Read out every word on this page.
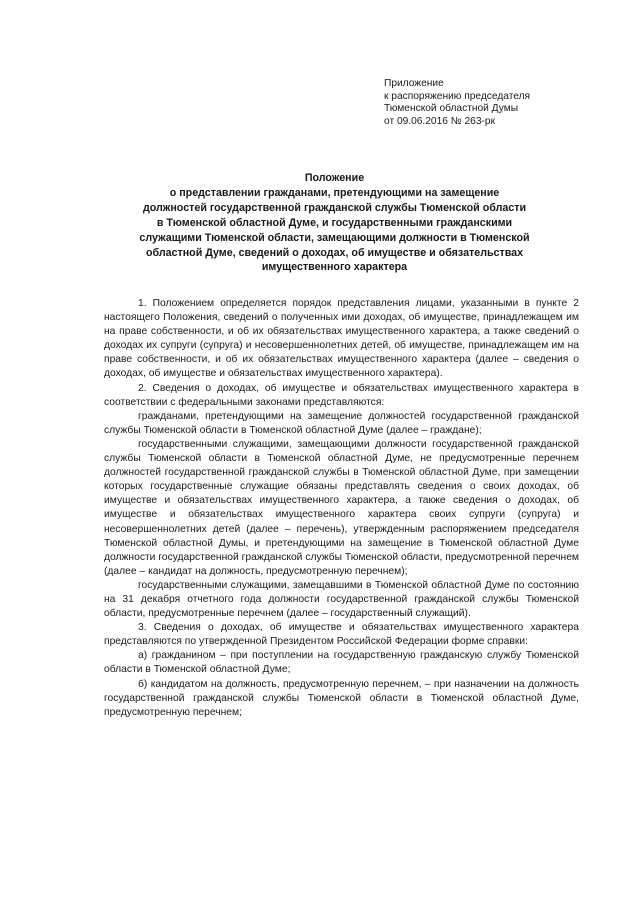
Приложение
к распоряжению председателя
Тюменской областной Думы
от 09.06.2016 № 263-рк
Положение
о представлении гражданами, претендующими на замещение
должностей государственной гражданской службы Тюменской области
в Тюменской областной Думе, и государственными гражданскими
служащими Тюменской области, замещающими должности в Тюменской
областной Думе, сведений о доходах, об имуществе и обязательствах
имущественного характера

1. Положением определяется порядок представления лицами, указанными в пункте 2 настоящего Положения, сведений о полученных ими доходах, об имуществе, принадлежащем им на праве собственности, и об их обязательствах имущественного характера, а также сведений о доходах их супруги (супруга) и несовершеннолетних детей, об имуществе, принадлежащем им на праве собственности, и об их обязательствах имущественного характера (далее – сведения о доходах, об имуществе и обязательствах имущественного характера).

2. Сведения о доходах, об имуществе и обязательствах имущественного характера в соответствии с федеральными законами представляются:

гражданами, претендующими на замещение должностей государственной гражданской службы Тюменской области в Тюменской областной Думе (далее – граждане);

государственными служащими, замещающими должности государственной гражданской службы Тюменской области в Тюменской областной Думе, не предусмотренные перечнем должностей государственной гражданской службы в Тюменской областной Думе, при замещении которых государственные служащие обязаны представлять сведения о своих доходах, об имуществе и обязательствах имущественного характера, а также сведения о доходах, об имуществе и обязательствах имущественного характера своих супруги (супруга) и несовершеннолетних детей (далее – перечень), утвержденным распоряжением председателя Тюменской областной Думы, и претендующими на замещение в Тюменской областной Думе должности государственной гражданской службы Тюменской области, предусмотренной перечнем (далее – кандидат на должность, предусмотренную перечнем);

государственными служащими, замещавшими в Тюменской областной Думе по состоянию на 31 декабря отчетного года должности государственной гражданской службы Тюменской области, предусмотренные перечнем (далее – государственный служащий).

3. Сведения о доходах, об имуществе и обязательствах имущественного характера представляются по утвержденной Президентом Российской Федерации форме справки:

а) гражданином – при поступлении на государственную гражданскую службу Тюменской области в Тюменской областной Думе;

б) кандидатом на должность, предусмотренную перечнем, – при назначении на должность государственной гражданской службы Тюменской области в Тюменской областной Думе, предусмотренную перечнем;
